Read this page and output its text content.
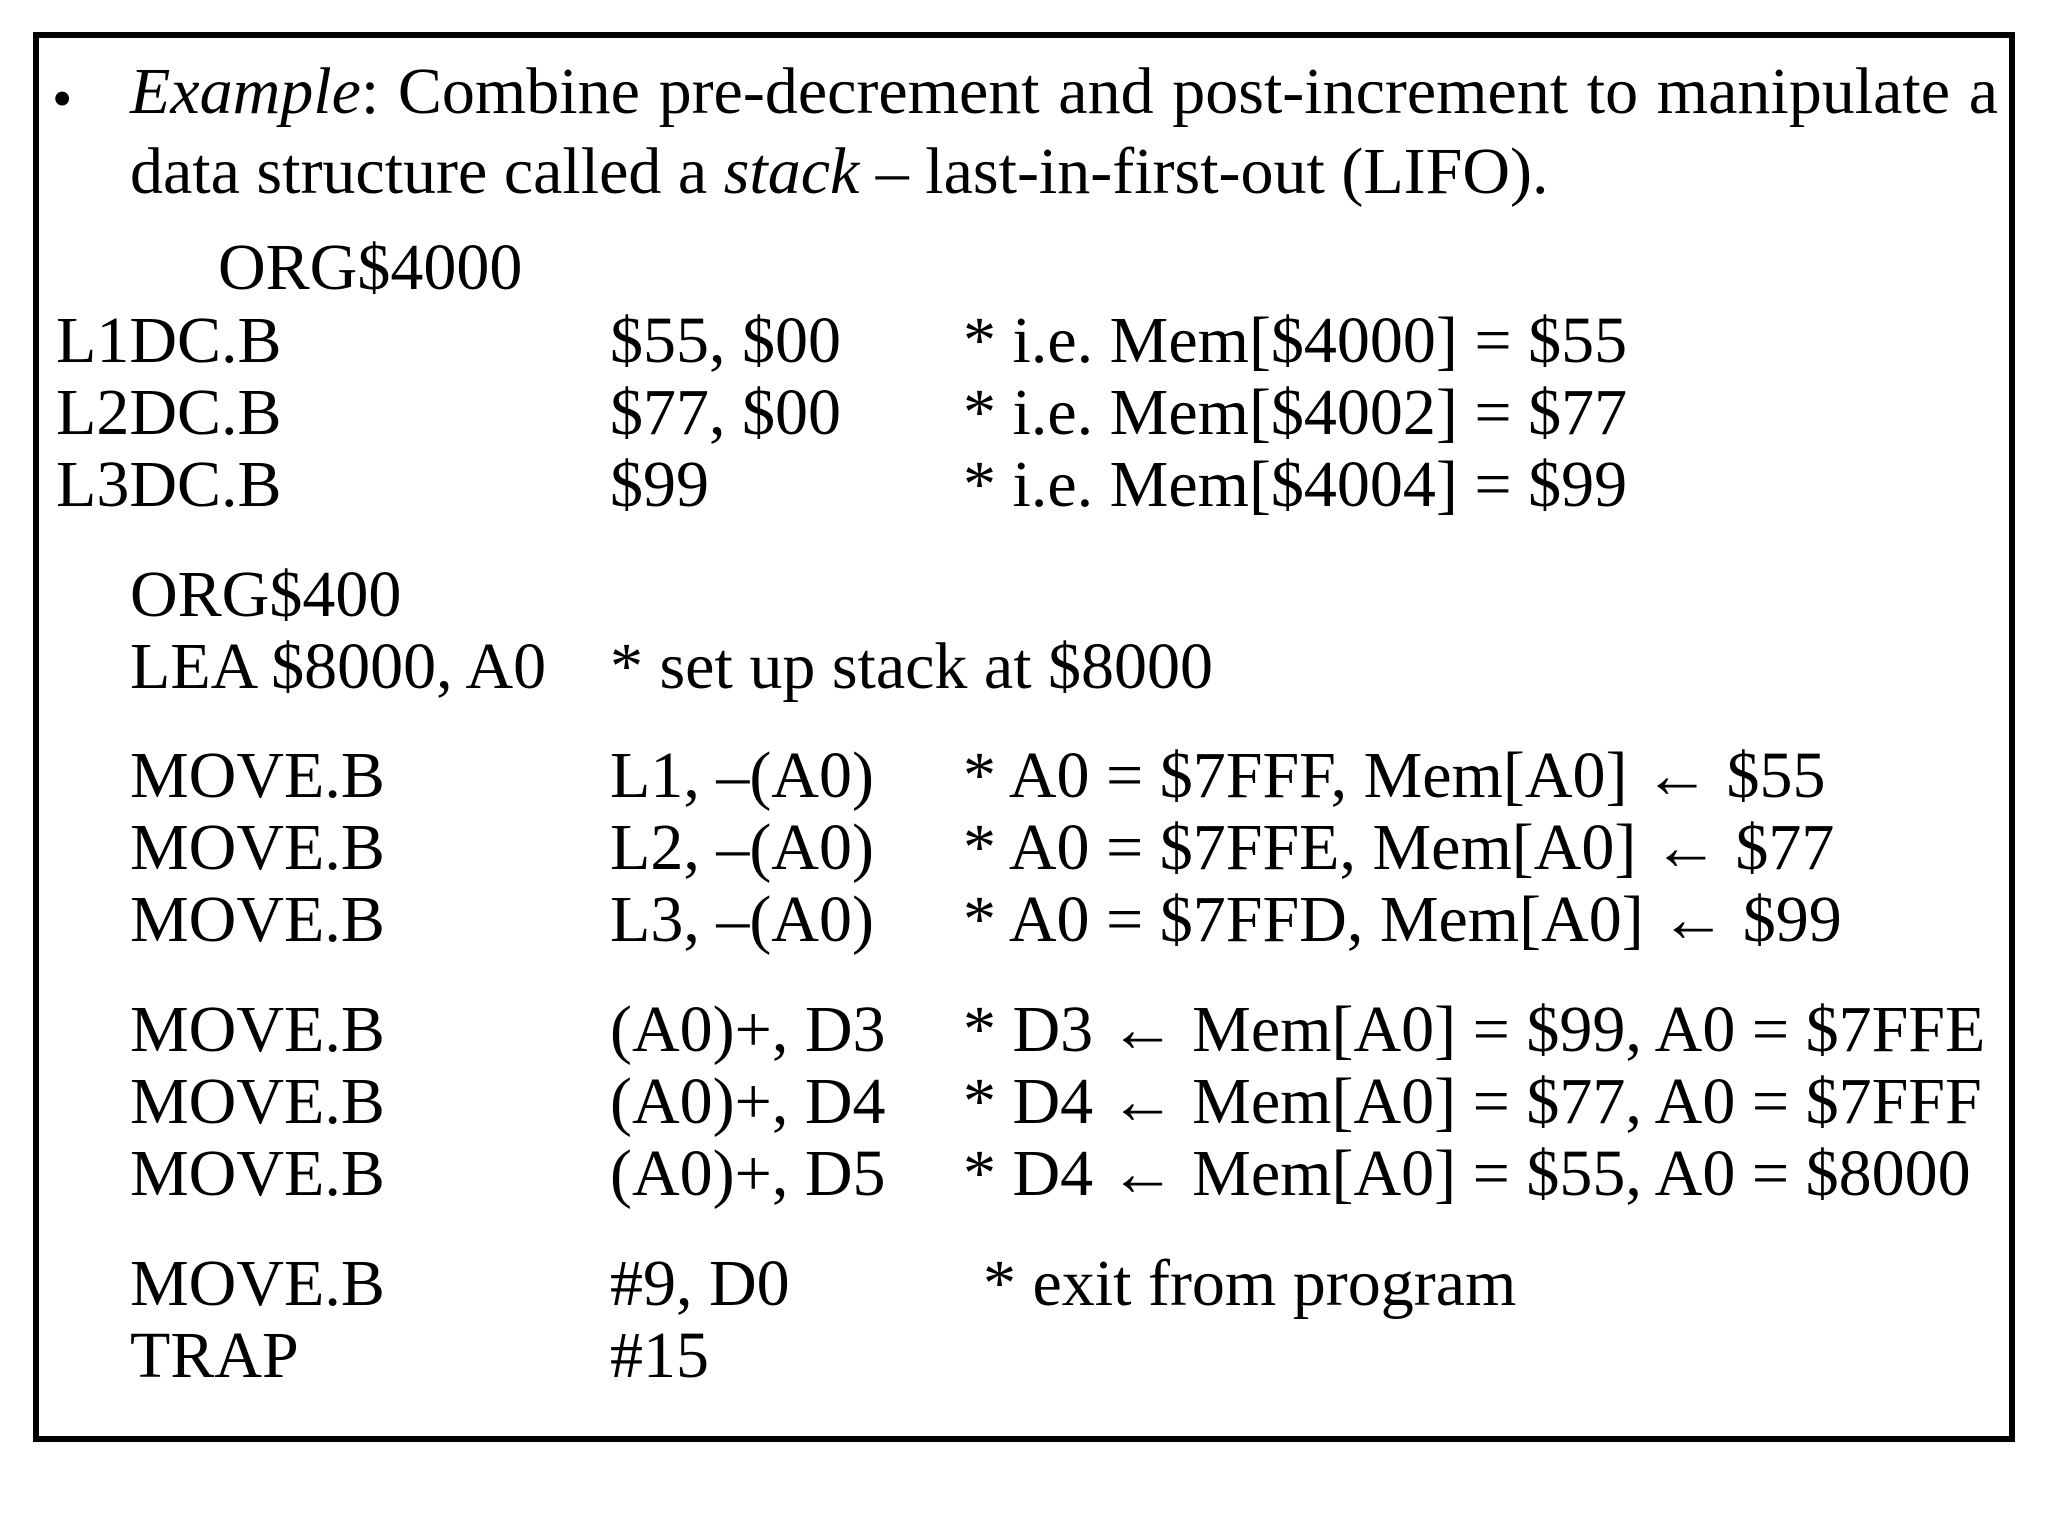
• Example: Combine pre-decrement and post-increment to manipulate a data structure called a stack – last-in-first-out (LIFO).
ORG$4000
L1DC.B	$55, $00 * i.e. Mem[$4000] = $55
L2DC.B	$77, $00 * i.e. Mem[$4002] = $77
L3DC.B	$99	* i.e. Mem[$4004] = $99
ORG$400
LEA $8000, A0 * set up stack at $8000
MOVE.B	L1, –(A0) * A0 = $7FFF, Mem[A0] ← $55
MOVE.B	L2, –(A0) * A0 = $7FFE, Mem[A0] ← $77
MOVE.B	L3, –(A0) * A0 = $7FFD, Mem[A0] ← $99
MOVE.B	(A0)+, D3 * D3 ← Mem[A0] = $99, A0 = $7FFE
MOVE.B	(A0)+, D4 * D4 ← Mem[A0] = $77, A0 = $7FFF
MOVE.B	(A0)+, D5 * D4 ← Mem[A0] = $55, A0 = $8000
MOVE.B	#9, D0	* exit from program
TRAP	#15
